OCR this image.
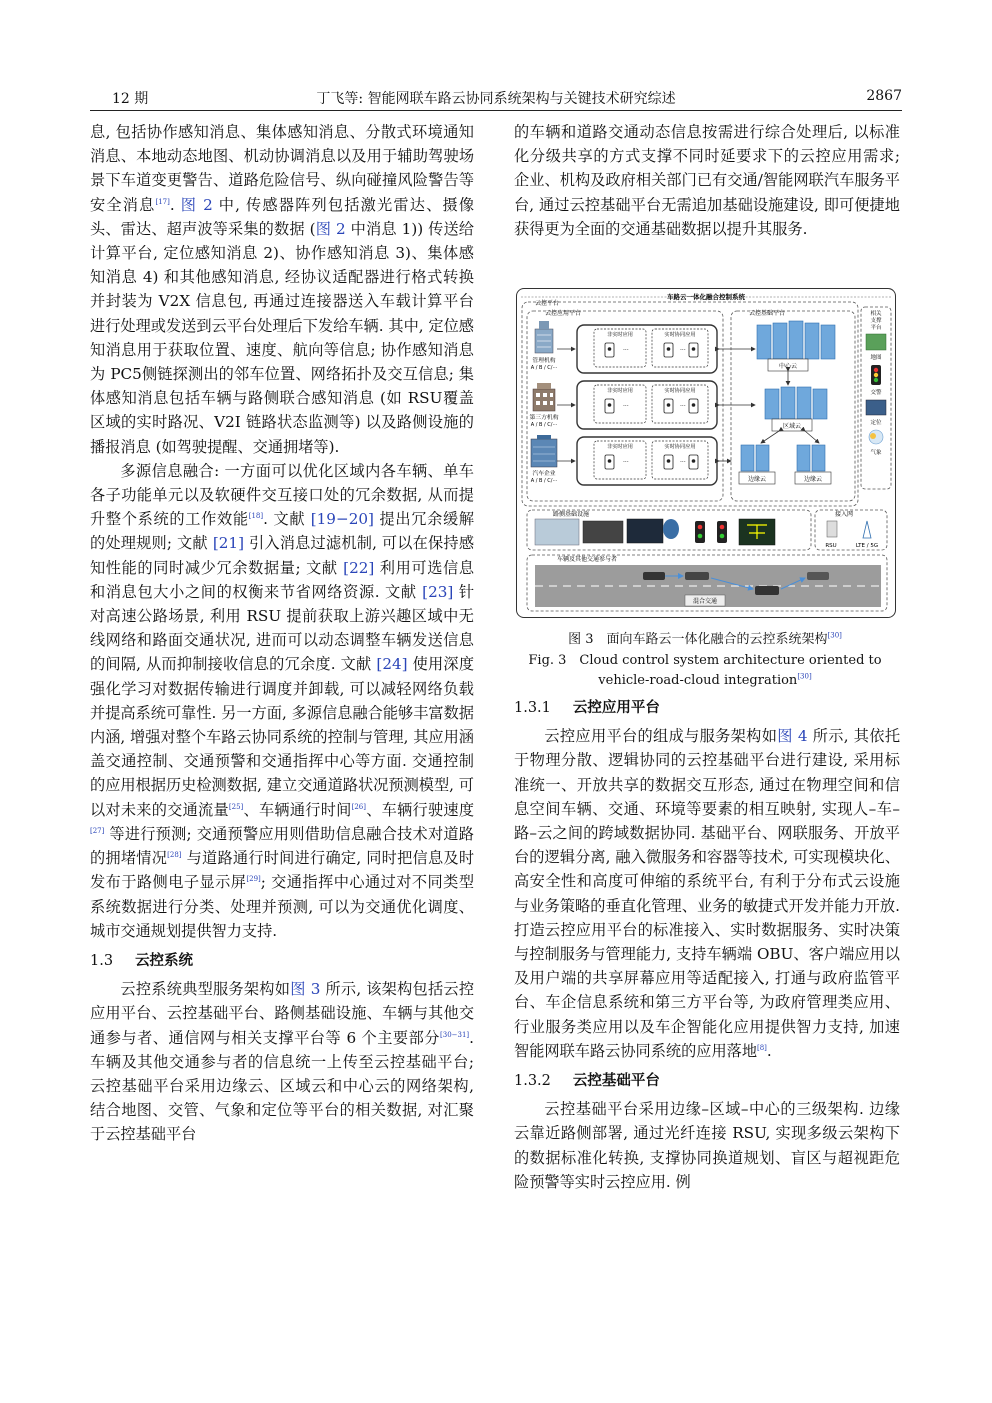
12 期	丁飞等: 智能网联车路云协同系统架构与关键技术研究综述	2867

息, 包括协作感知消息、集体感知消息、分散式环境通知消息、本地动态地图、机动协调消息以及用于辅助驾驶场景下车道变更警告、道路危险信号、纵向碰撞风险警告等安全消息[17]. 图 2 中, 传感器阵列包括激光雷达、摄像头、雷达、超声波等采集的数据 (图 2 中消息 1)) 传送给计算平台, 定位感知消息 2)、协作感知消息 3)、集体感知消息 4) 和其他感知消息, 经协议适配器进行格式转换并封装为 V2X 信息包, 再通过连接器送入车载计算平台进行处理或发送到云平台处理后下发给车辆. 其中, 定位感知消息用于获取位置、速度、航向等信息; 协作感知消息为 PC5侧链探测出的邻车位置、网络拓扑及交互信息; 集体感知消息包括车辆与路侧联合感知消息 (如 RSU覆盖区域的实时路况、V2I 链路状态监测等) 以及路侧设施的播报消息 (如驾驶提醒、交通拥堵等).

多源信息融合: 一方面可以优化区域内各车辆、单车各子功能单元以及软硬件交互接口处的冗余数据, 从而提升整个系统的工作效能[18]. 文献 [19−20] 提出冗余缓解的处理规则; 文献 [21] 引入消息过滤机制, 可以在保持感知性能的同时减少冗余数据量; 文献 [22] 利用可选信息和消息包大小之间的权衡来节省网络资源. 文献 [23] 针对高速公路场景, 利用 RSU 提前获取上游兴趣区域中无线网络和路面交通状况, 进而可以动态调整车辆发送信息的间隔, 从而抑制接收信息的冗余度. 文献 [24] 使用深度强化学习对数据传输进行调度并卸载, 可以减轻网络负载并提高系统可靠性. 另一方面, 多源信息融合能够丰富数据内涵, 增强对整个车路云协同系统的控制与管理, 其应用涵盖交通控制、交通预警和交通指挥中心等方面. 交通控制的应用根据历史检测数据, 建立交通道路状况预测模型, 可以对未来的交通流量[25]、车辆通行时间[26]、车辆行驶速度[27] 等进行预测; 交通预警应用则借助信息融合技术对道路的拥堵情况[28] 与道路通行时间进行确定, 同时把信息及时发布于路侧电子显示屏[29]; 交通指挥中心通过对不同类型系统数据进行分类、处理并预测, 可以为交通优化调度、城市交通规划提供智力支持.

1.3 云控系统

云控系统典型服务架构如图 3 所示, 该架构包括云控应用平台、云控基础平台、路侧基础设施、车辆与其他交通参与者、通信网与相关支撑平台等 6 个主要部分[30−31]. 车辆及其他交通参与者的信息统一上传至云控基础平台; 云控基础平台采用边缘云、区域云和中心云的网络架构, 结合地图、交管、气象和定位等平台的相关数据, 对汇聚于云控基础平台

的车辆和道路交通动态信息按需进行综合处理后, 以标准化分级共享的方式支撑不同时延要求下的云控应用需求; 企业、机构及政府相关部门已有交通/智能网联汽车服务平台, 通过云控基础平台无需追加基础设施建设, 即可便捷地获得更为全面的交通基础数据以提升其服务.

车路云一体化融合控制系统
云控平台
云控应用平台
管理机构
A / B / C/···
非实时应用	实时协同应用
···	···
第三方机构
A / B / C/···
非实时应用	实时协同应用
···	···
汽车企业
A / B / C/···
非实时应用	实时协同应用
···	···
云控基础平台
中心云
区域云
边缘云	边缘云
相关
支撑
平台
地图
交警
定位
气象
路侧基础设施	接入网
RSU	LTE / 5G
车辆及其他交通参与者
混合交通
图 3　面向车路云一体化融合的云控系统架构[30]
Fig. 3　Cloud control system architecture oriented to
vehicle-road-cloud integration[30]
1.3.1 云控应用平台

云控应用平台的组成与服务架构如图 4 所示, 其依托于物理分散、逻辑协同的云控基础平台进行建设, 采用标准统一、开放共享的数据交互形态, 通过在物理空间和信息空间车辆、交通、环境等要素的相互映射, 实现人–车–路–云之间的跨域数据协同. 基础平台、网联服务、开放平台的逻辑分离, 融入微服务和容器等技术, 可实现模块化、高安全性和高度可伸缩的系统平台, 有利于分布式云设施与业务策略的垂直化管理、业务的敏捷式开发并能力开放. 打造云控应用平台的标准接入、实时数据服务、实时决策与控制服务与管理能力, 支持车辆端 OBU、客户端应用以及用户端的共享屏幕应用等适配接入, 打通与政府监管平台、车企信息系统和第三方平台等, 为政府管理类应用、行业服务类应用以及车企智能化应用提供智力支持, 加速智能网联车路云协同系统的应用落地[8].

1.3.2 云控基础平台

云控基础平台采用边缘–区域–中心的三级架构. 边缘云靠近路侧部署, 通过光纤连接 RSU, 实现多级云架构下的数据标准化转换, 支撑协同换道规划、盲区与超视距危险预警等实时云控应用. 例
